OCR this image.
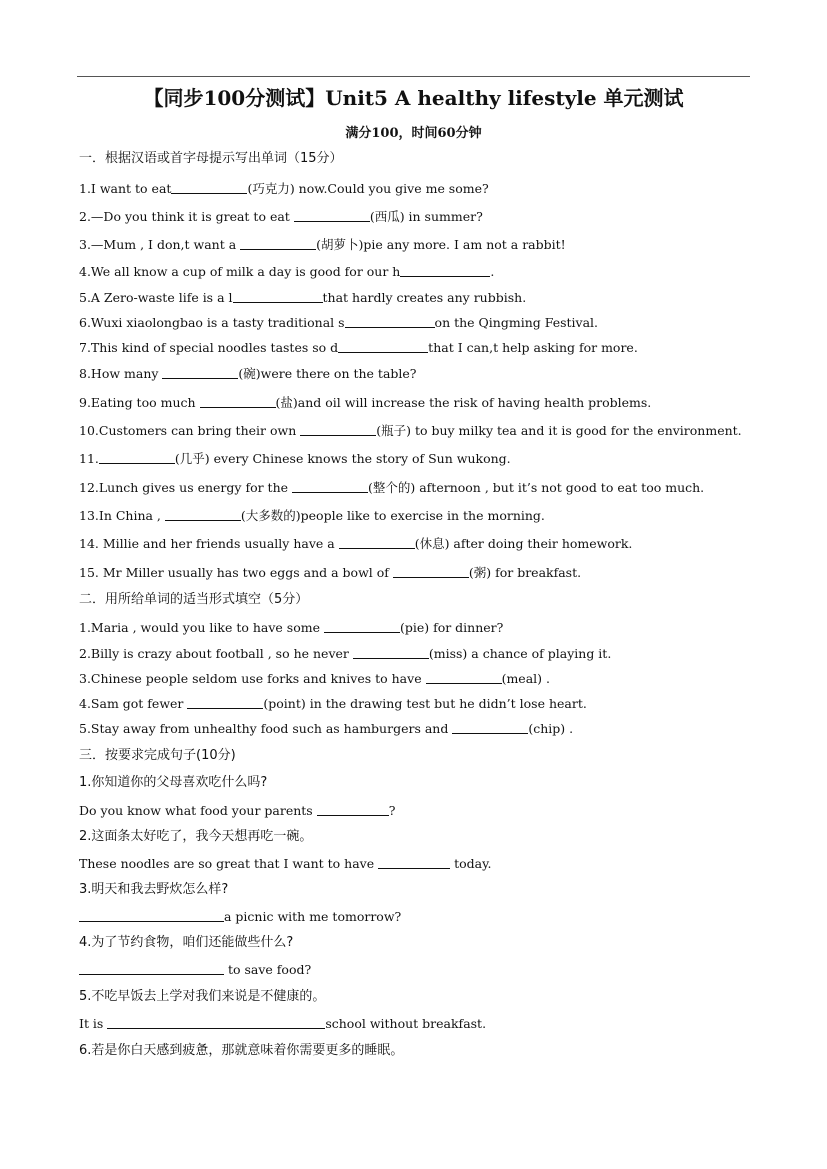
【同步100分测试】Unit5 A healthy lifestyle 单元测试
满分100，时间60分钟
一．根据汉语或首字母提示写出单词（15分）
1.I want to eat	(巧克力) now.Could you give me some?
2.—Do you think it is great to eat	(西瓜) in summer?
3.—Mum , I don,t want a	(胡萝卜)pie any more. I am not a rabbit!
4.We all know a cup of milk a day is good for our h	.
5.A Zero-waste life is a l	that hardly creates any rubbish.
6.Wuxi xiaolongbao is a tasty traditional s	on the Qingming Festival.
7.This kind of special noodles tastes so d	that I can,t help asking for more.
8.How many	(碗)were there on the table?
9.Eating too much	(盐)and oil will increase the risk of having health problems.
10.Customers can bring their own	(瓶子) to buy milky tea and it is good for the environment.
11.	(几乎) every Chinese knows the story of Sun wukong.
12.Lunch gives us energy for the	(整个的) afternoon , but it’s not good to eat too much.
13.In China ,	(大多数的)people like to exercise in the morning.
14. Millie and her friends usually have a	(休息) after doing their homework.
15. Mr Miller usually has two eggs and a bowl of	(粥) for breakfast.
二．用所给单词的适当形式填空（5分）
1.Maria , would you like to have some	(pie) for dinner?
2.Billy is crazy about football , so he never	(miss) a chance of playing it.
3.Chinese people seldom use forks and knives to have	(meal) .
4.Sam got fewer	(point) in the drawing test but he didn’t lose heart.
5.Stay away from unhealthy food such as hamburgers and	(chip) .
三．按要求完成句子(10分)
1.你知道你的父母喜欢吃什么吗?
Do you know what food your parents	?
2.这面条太好吃了，我今天想再吃一碗。
These noodles are so great that I want to have	today.
3.明天和我去野炊怎么样?
a picnic with me tomorrow?
4.为了节约食物，咱们还能做些什么?
to save food?
5.不吃早饭去上学对我们来说是不健康的。
It is	school without breakfast.
6.若是你白天感到疲惫，那就意味着你需要更多的睡眠。
